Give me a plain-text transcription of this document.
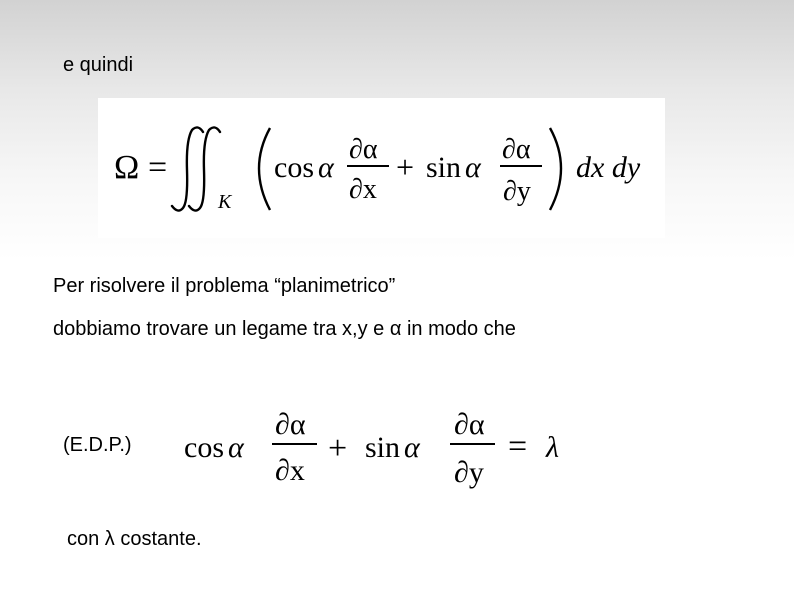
e quindi

Ω =
K
cos α
∂α
∂x
+ sin α
∂α
∂y
dx dy

Per risolvere il problema “planimetrico”

dobbiamo trovare un legame tra x,y e α in modo che

(E.D.P.) cos α
∂α
∂x
+ sin α
∂α
∂y
= λ

con λ costante.
